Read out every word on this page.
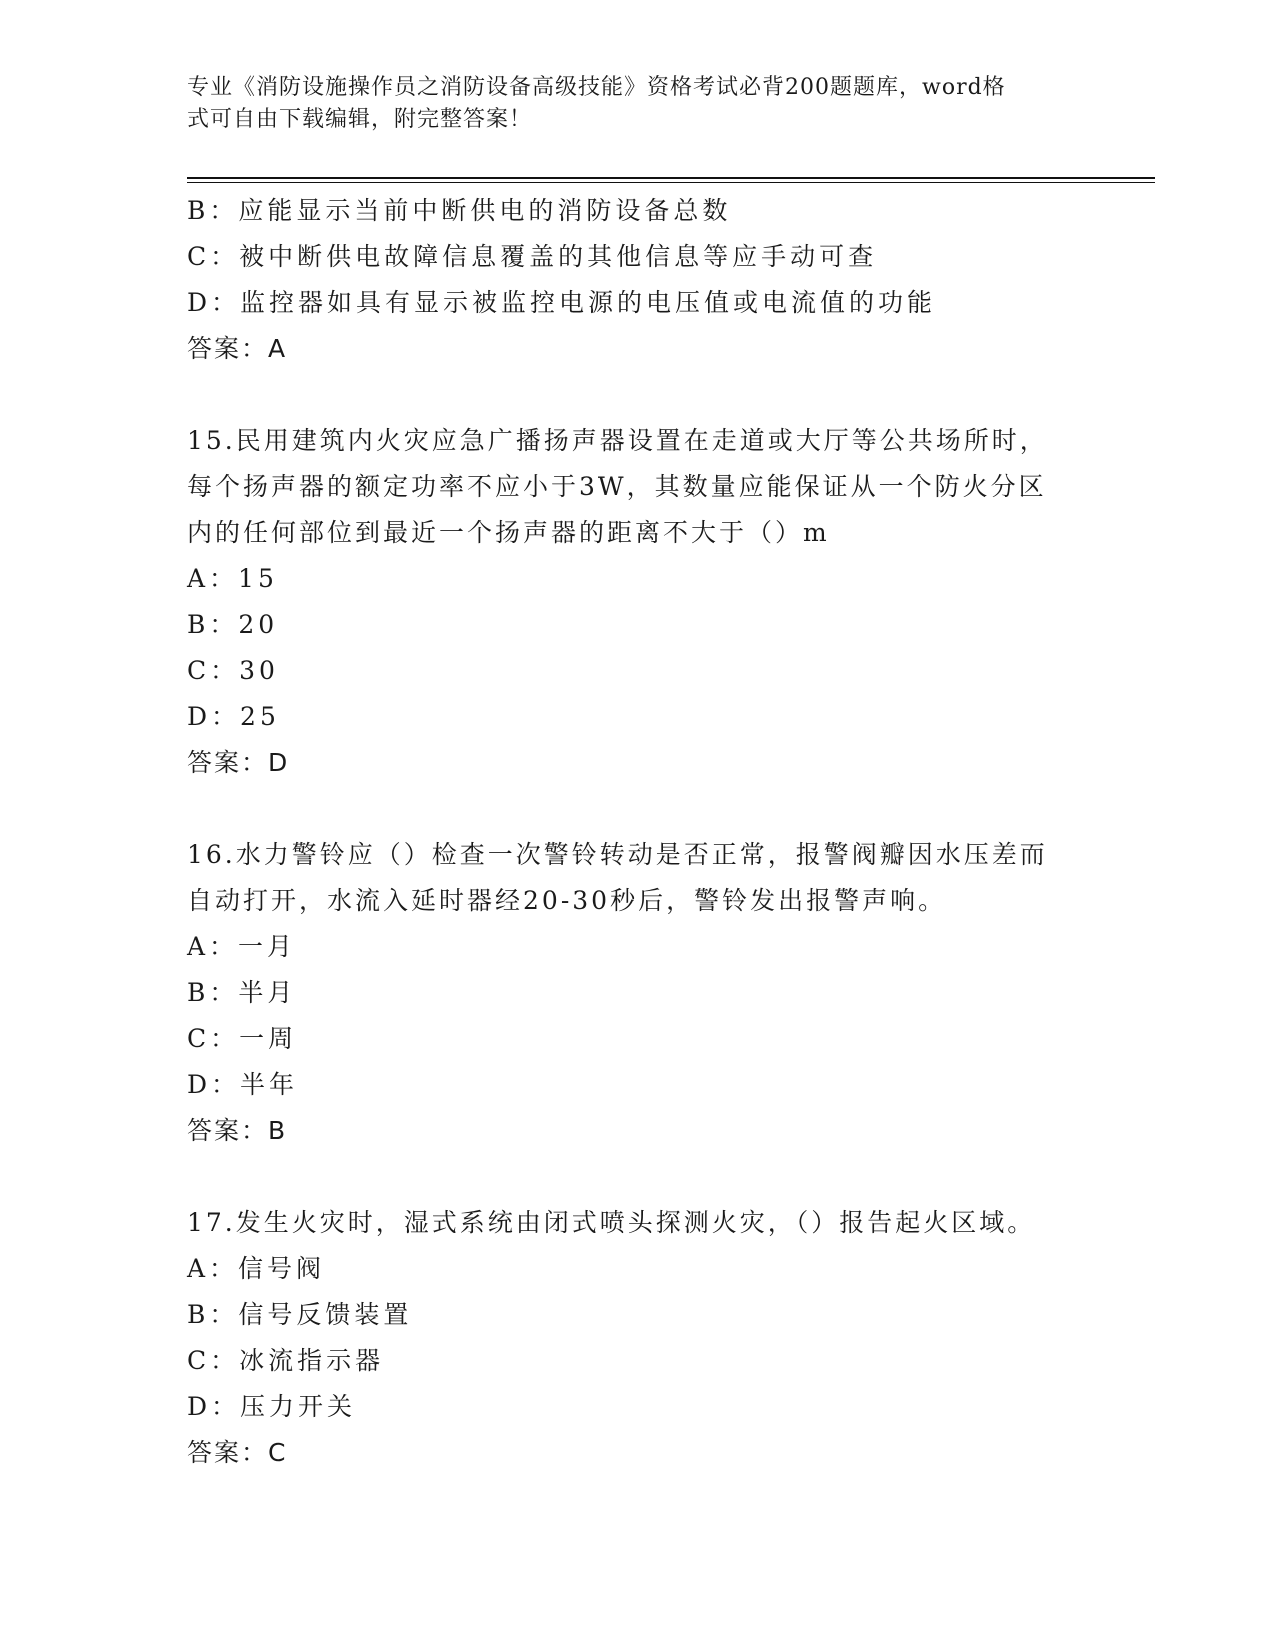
专业《消防设施操作员之消防设备高级技能》资格考试必背200题题库，word格
式可自由下载编辑，附完整答案！
B：应能显示当前中断供电的消防设备总数
C：被中断供电故障信息覆盖的其他信息等应手动可查
D：监控器如具有显示被监控电源的电压值或电流值的功能
答案：A
15.民用建筑内火灾应急广播扬声器设置在走道或大厅等公共场所时，
每个扬声器的额定功率不应小于3W，其数量应能保证从一个防火分区
内的任何部位到最近一个扬声器的距离不大于（）m
A：15
B：20
C：30
D：25
答案：D
16.水力警铃应（）检查一次警铃转动是否正常，报警阀瓣因水压差而
自动打开，水流入延时器经20-30秒后，警铃发出报警声响。
A：一月
B：半月
C：一周
D：半年
答案：B
17.发生火灾时，湿式系统由闭式喷头探测火灾，（）报告起火区域。
A：信号阀
B：信号反馈装置
C：冰流指示器
D：压力开关
答案：C
